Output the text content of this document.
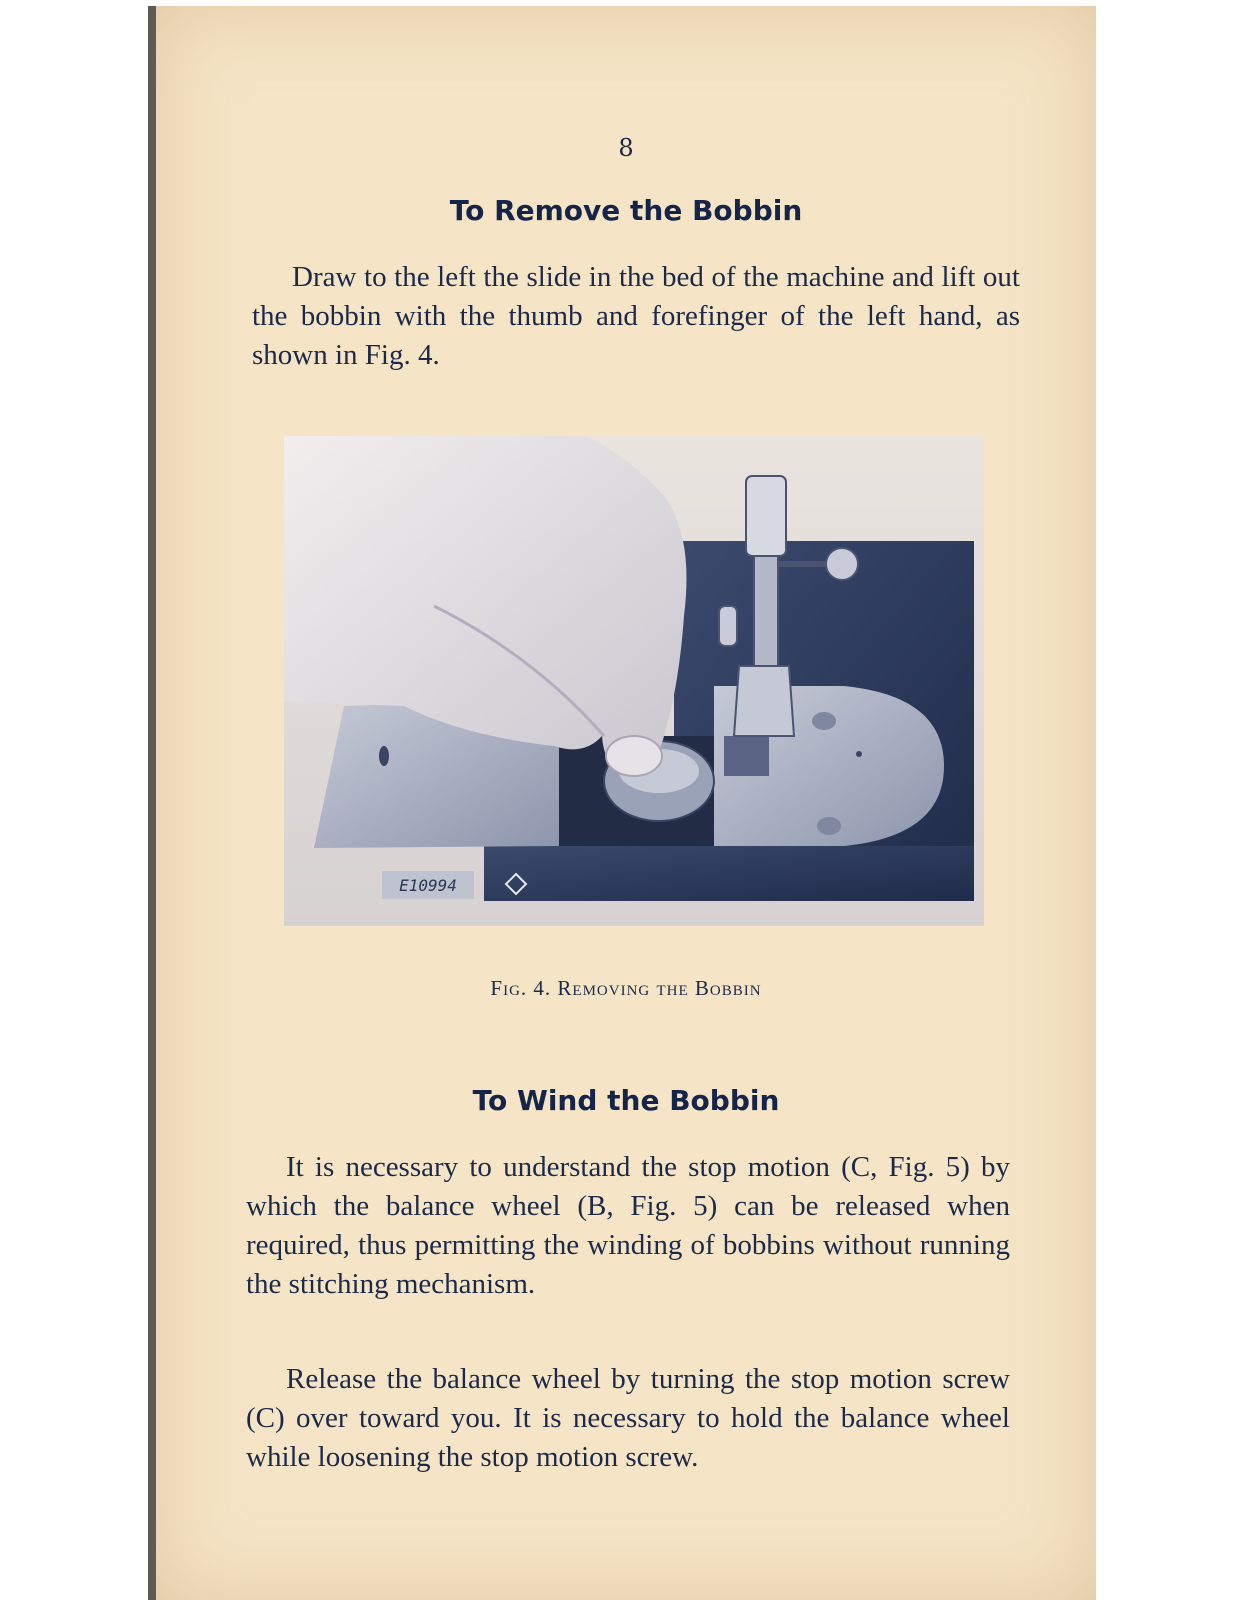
8
To Remove the Bobbin

Draw to the left the slide in the bed of the machine and lift out the bobbin with the thumb and forefinger of the left hand, as shown in Fig. 4.

E10994
Fig. 4. Removing the Bobbin
To Wind the Bobbin

It is necessary to understand the stop motion (C, Fig. 5) by which the balance wheel (B, Fig. 5) can be released when required, thus permitting the winding of bobbins without running the stitching mechanism.

Release the balance wheel by turning the stop motion screw (C) over toward you. It is necessary to hold the balance wheel while loosening the stop motion screw.
